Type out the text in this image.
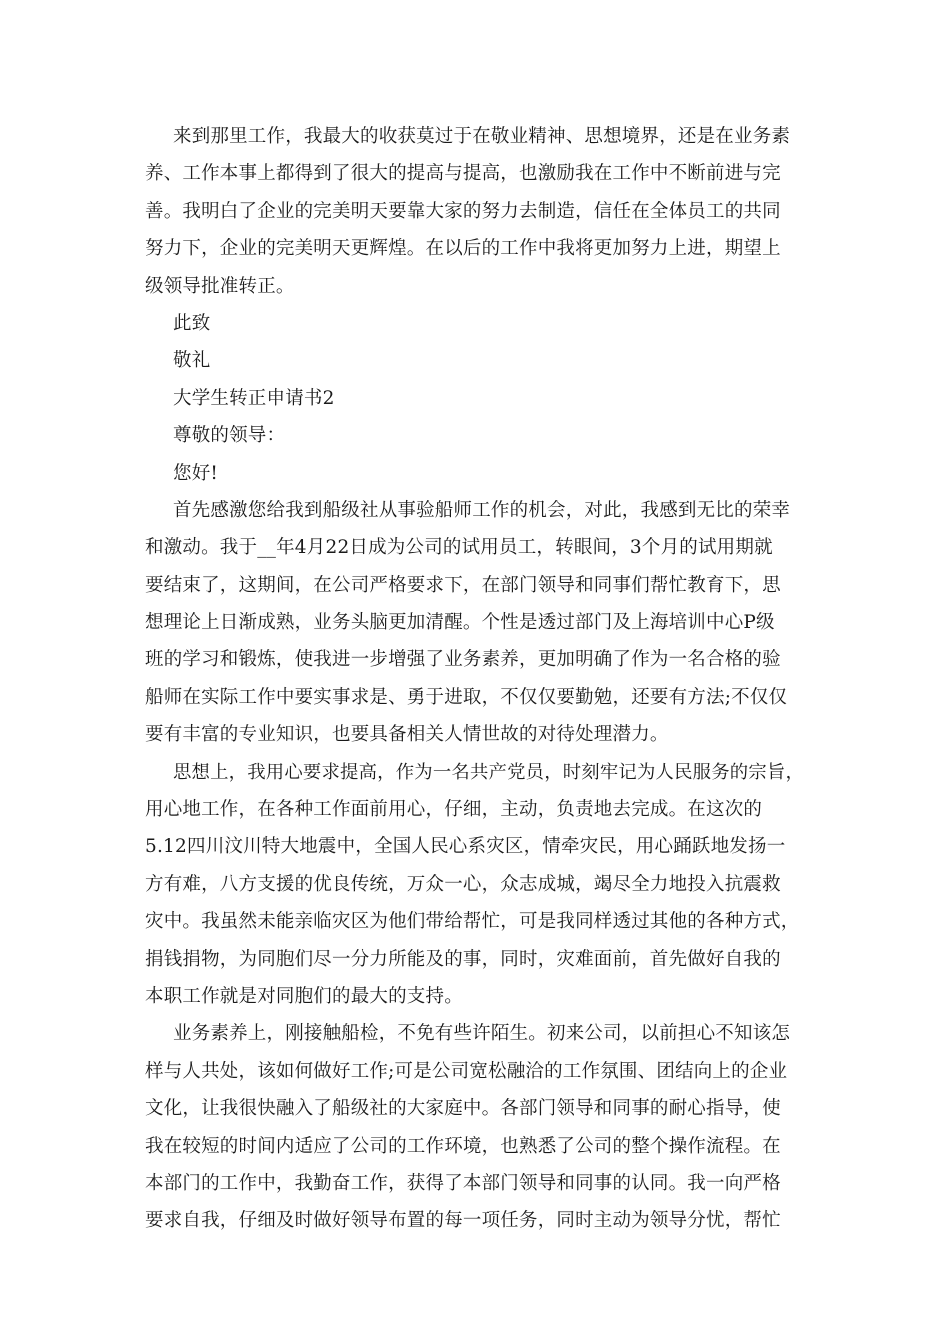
来到那里工作，我最大的收获莫过于在敬业精神、思想境界，还是在业务素
养、工作本事上都得到了很大的提高与提高，也激励我在工作中不断前进与完
善。我明白了企业的完美明天要靠大家的努力去制造，信任在全体员工的共同
努力下，企业的完美明天更辉煌。在以后的工作中我将更加努力上进，期望上
级领导批准转正。
此致
敬礼
大学生转正申请书2
尊敬的领导：
您好!
首先感激您给我到船级社从事验船师工作的机会，对此，我感到无比的荣幸
和激动。我于__年4月22日成为公司的试用员工，转眼间，3个月的试用期就
要结束了，这期间，在公司严格要求下，在部门领导和同事们帮忙教育下，思
想理论上日渐成熟，业务头脑更加清醒。个性是透过部门及上海培训中心P级
班的学习和锻炼，使我进一步增强了业务素养，更加明确了作为一名合格的验
船师在实际工作中要实事求是、勇于进取，不仅仅要勤勉，还要有方法;不仅仅
要有丰富的专业知识，也要具备相关人情世故的对待处理潜力。
思想上，我用心要求提高，作为一名共产党员，时刻牢记为人民服务的宗旨，
用心地工作，在各种工作面前用心，仔细，主动，负责地去完成。在这次的
5.12四川汶川特大地震中，全国人民心系灾区，情牵灾民，用心踊跃地发扬一
方有难，八方支援的优良传统，万众一心，众志成城，竭尽全力地投入抗震救
灾中。我虽然未能亲临灾区为他们带给帮忙，可是我同样透过其他的各种方式，
捐钱捐物，为同胞们尽一分力所能及的事，同时，灾难面前，首先做好自我的
本职工作就是对同胞们的最大的支持。
业务素养上，刚接触船检，不免有些许陌生。初来公司，以前担心不知该怎
样与人共处，该如何做好工作;可是公司宽松融洽的工作氛围、团结向上的企业
文化，让我很快融入了船级社的大家庭中。各部门领导和同事的耐心指导，使
我在较短的时间内适应了公司的工作环境，也熟悉了公司的整个操作流程。在
本部门的工作中，我勤奋工作，获得了本部门领导和同事的认同。我一向严格
要求自我，仔细及时做好领导布置的每一项任务，同时主动为领导分忧，帮忙
